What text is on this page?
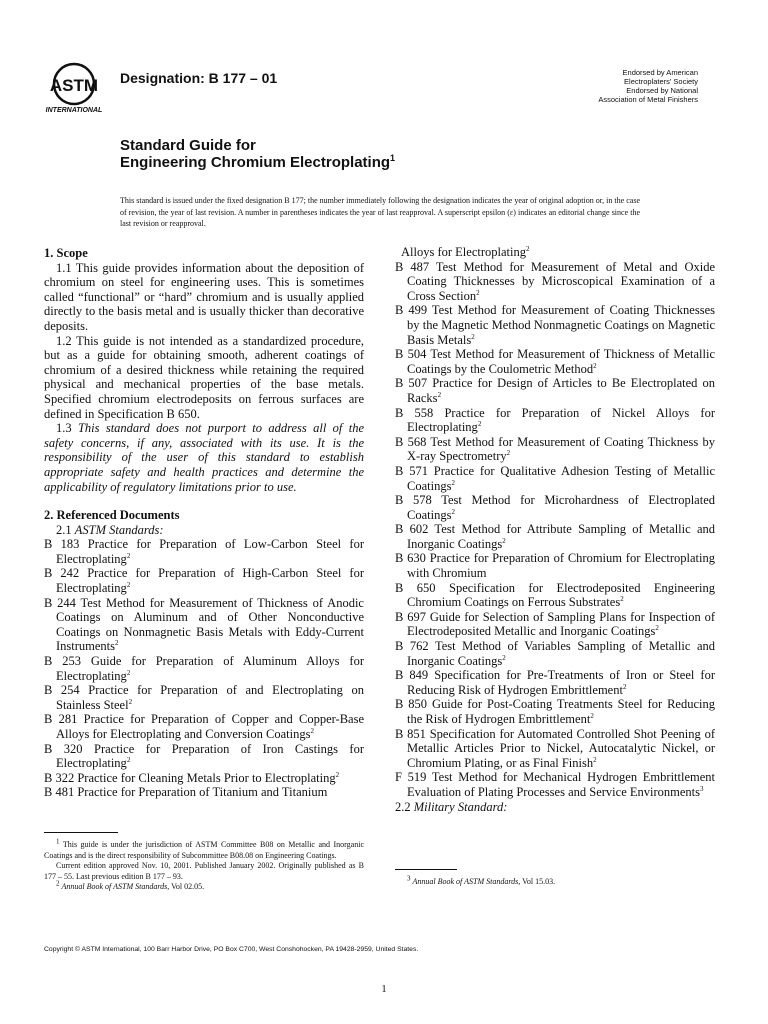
ASTM
INTERNATIONAL
Designation: B 177 – 01	Endorsed by American
Electroplaters' Society
Endorsed by National
Association of Metal Finishers
Standard Guide for
Engineering Chromium Electroplating$^1$
This standard is issued under the fixed designation B 177; the number immediately following the designation indicates the year of original adoption or, in the case of revision, the year of last revision. A number in parentheses indicates the year of last reapproval. A superscript epsilon (ε) indicates an editorial change since the last revision or reapproval.

1. Scope

1.1 This guide provides information about the deposition of chromium on steel for engineering uses. This is sometimes called “functional” or “hard” chromium and is usually applied directly to the basis metal and is usually thicker than decorative deposits.

1.2 This guide is not intended as a standardized procedure, but as a guide for obtaining smooth, adherent coatings of chromium of a desired thickness while retaining the required physical and mechanical properties of the base metals. Specified chromium electrodeposits on ferrous surfaces are defined in Specification B 650.

1.3 This standard does not purport to address all of the safety concerns, if any, associated with its use. It is the responsibility of the user of this standard to establish appropriate safety and health practices and determine the applicability of regulatory limitations prior to use.

2. Referenced Documents

2.1 ASTM Standards:

B 183 Practice for Preparation of Low-Carbon Steel for Electroplating$^2$
B 242 Practice for Preparation of High-Carbon Steel for Electroplating$^2$
B 244 Test Method for Measurement of Thickness of Anodic Coatings on Aluminum and of Other Nonconductive Coatings on Nonmagnetic Basis Metals with Eddy-Current Instruments$^2$
B 253 Guide for Preparation of Aluminum Alloys for Electroplating$^2$
B 254 Practice for Preparation of and Electroplating on Stainless Steel$^2$
B 281 Practice for Preparation of Copper and Copper-Base Alloys for Electroplating and Conversion Coatings$^2$
B 320 Practice for Preparation of Iron Castings for Electroplating$^2$
B 322 Practice for Cleaning Metals Prior to Electroplating$^2$
B 481 Practice for Preparation of Titanium and Titanium
Alloys for Electroplating$^2$
B 487 Test Method for Measurement of Metal and Oxide Coating Thicknesses by Microscopical Examination of a Cross Section$^2$
B 499 Test Method for Measurement of Coating Thicknesses by the Magnetic Method Nonmagnetic Coatings on Magnetic Basis Metals$^2$
B 504 Test Method for Measurement of Thickness of Metallic Coatings by the Coulometric Method$^2$
B 507 Practice for Design of Articles to Be Electroplated on Racks$^2$
B 558 Practice for Preparation of Nickel Alloys for Electroplating$^2$
B 568 Test Method for Measurement of Coating Thickness by X-ray Spectrometry$^2$
B 571 Practice for Qualitative Adhesion Testing of Metallic Coatings$^2$
B 578 Test Method for Microhardness of Electroplated Coatings$^2$
B 602 Test Method for Attribute Sampling of Metallic and Inorganic Coatings$^2$
B 630 Practice for Preparation of Chromium for Electroplating with Chromium
B 650 Specification for Electrodeposited Engineering Chromium Coatings on Ferrous Substrates$^2$
B 697 Guide for Selection of Sampling Plans for Inspection of Electrodeposited Metallic and Inorganic Coatings$^2$
B 762 Test Method of Variables Sampling of Metallic and Inorganic Coatings$^2$
B 849 Specification for Pre-Treatments of Iron or Steel for Reducing Risk of Hydrogen Embrittlement$^2$
B 850 Guide for Post-Coating Treatments Steel for Reducing the Risk of Hydrogen Embrittlement$^2$
B 851 Specification for Automated Controlled Shot Peening of Metallic Articles Prior to Nickel, Autocatalytic Nickel, or Chromium Plating, or as Final Finish$^2$
F 519 Test Method for Mechanical Hydrogen Embrittlement Evaluation of Plating Processes and Service Environments$^3$

2.2 Military Standard:

$^1$ This guide is under the jurisdiction of ASTM Committee B08 on Metallic and Inorganic Coatings and is the direct responsibility of Subcommittee B08.08 on Engineering Coatings.
Current edition approved Nov. 10, 2001. Published January 2002. Originally published as B 177 – 55. Last previous edition B 177 – 93.
$^2$ Annual Book of ASTM Standards, Vol 02.05.
$^3$ Annual Book of ASTM Standards, Vol 15.03.
Copyright © ASTM International, 100 Barr Harbor Drive, PO Box C700, West Conshohocken, PA 19428-2959, United States.
1
